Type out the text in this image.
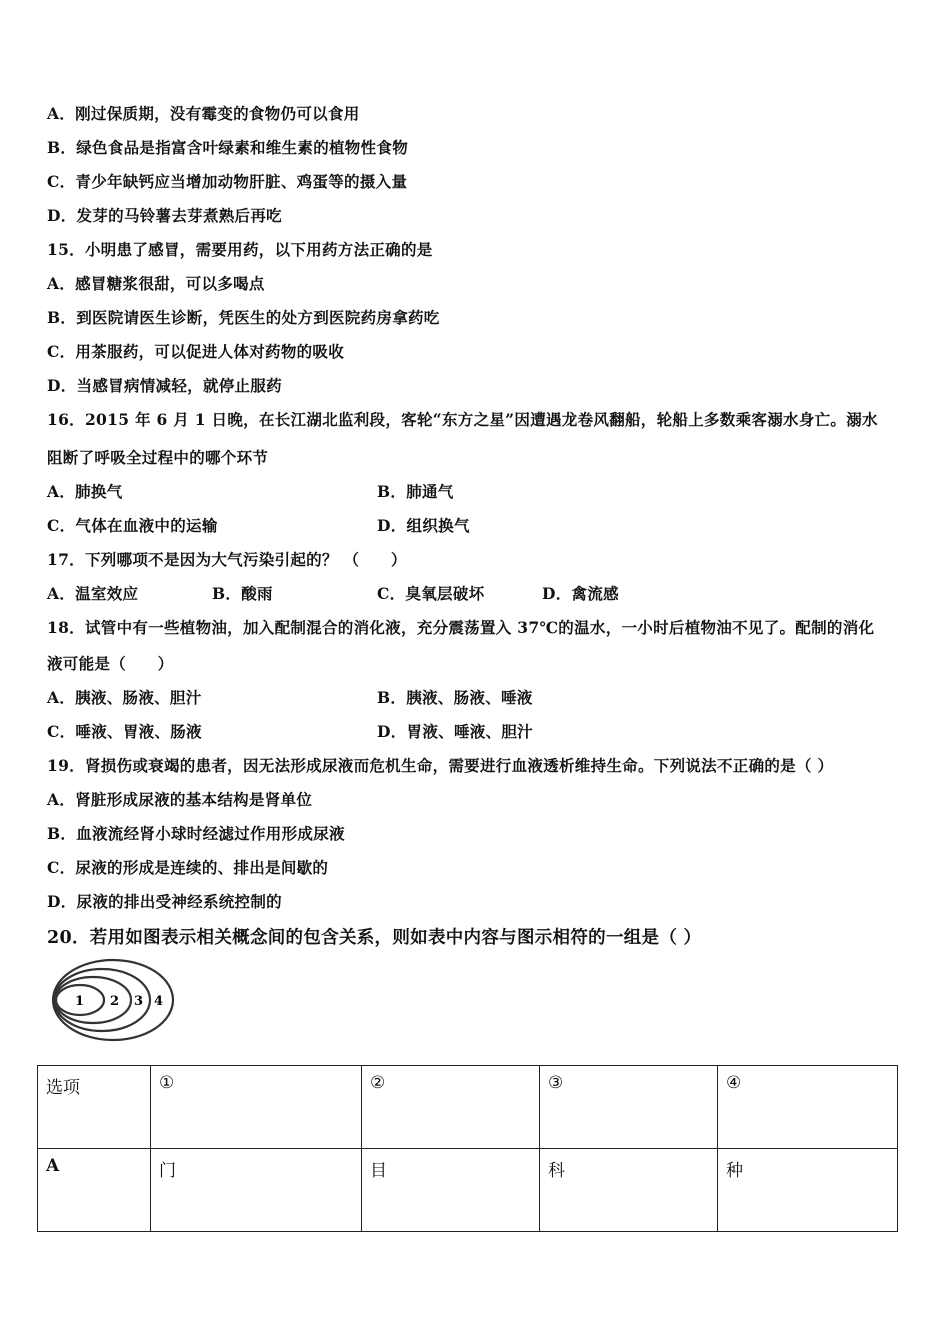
A．刚过保质期，没有霉变的食物仍可以食用
B．绿色食品是指富含叶绿素和维生素的植物性食物
C．青少年缺钙应当增加动物肝脏、鸡蛋等的摄入量
D．发芽的马铃薯去芽煮熟后再吃
15．小明患了感冒，需要用药，以下用药方法正确的是
A．感冒糖浆很甜，可以多喝点
B．到医院请医生诊断，凭医生的处方到医院药房拿药吃
C．用茶服药，可以促进人体对药物的吸收
D．当感冒病情减轻，就停止服药
16．2015 年 6 月 1 日晚，在长江湖北监利段，客轮“东方之星”因遭遇龙卷风翻船，轮船上多数乘客溺水身亡。溺水
阻断了呼吸全过程中的哪个环节
A．肺换气	B．肺通气
C．气体在血液中的运输	D．组织换气
17．下列哪项不是因为大气污染引起的？ （　　）
A．温室效应	B．酸雨	C．臭氧层破坏	D．禽流感
18．试管中有一些植物油，加入配制混合的消化液，充分震荡置入 37℃的温水，一小时后植物油不见了。配制的消化
液可能是（　　）
A．胰液、肠液、胆汁	B．胰液、肠液、唾液
C．唾液、胃液、肠液	D．胃液、唾液、胆汁
19．肾损伤或衰竭的患者，因无法形成尿液而危机生命，需要进行血液透析维持生命。下列说法不正确的是（ ）
A．肾脏形成尿液的基本结构是肾单位
B．血液流经肾小球时经滤过作用形成尿液
C．尿液的形成是连续的、排出是间歇的
D．尿液的排出受神经系统控制的
20．若用如图表示相关概念间的包含关系，则如表中内容与图示相符的一组是（ ）
1 2 3 4
选项	①	②	③	④
A	门	目	科	种
